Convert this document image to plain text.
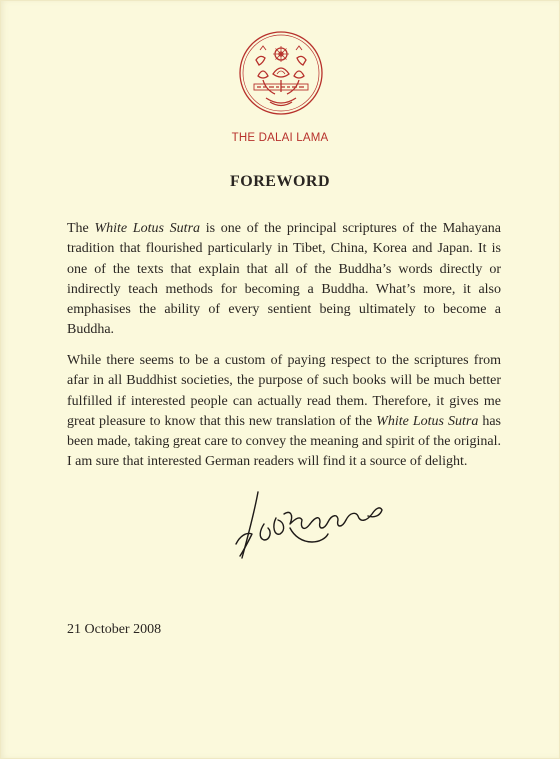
THE DALAI LAMA
FOREWORD

The White Lotus Sutra is one of the principal scriptures of the Mahayana tradition that flourished particularly in Tibet, China, Korea and Japan. It is one of the texts that explain that all of the Buddha’s words directly or indirectly teach methods for becoming a Buddha. What’s more, it also emphasises the ability of every sentient being ultimately to become a Buddha.

While there seems to be a custom of paying respect to the scriptures from afar in all Buddhist societies, the purpose of such books will be much better fulfilled if interested people can actually read them. Therefore, it gives me great pleasure to know that this new translation of the White Lotus Sutra has been made, taking great care to convey the meaning and spirit of the original. I am sure that interested German readers will find it a source of delight.

21 October 2008
